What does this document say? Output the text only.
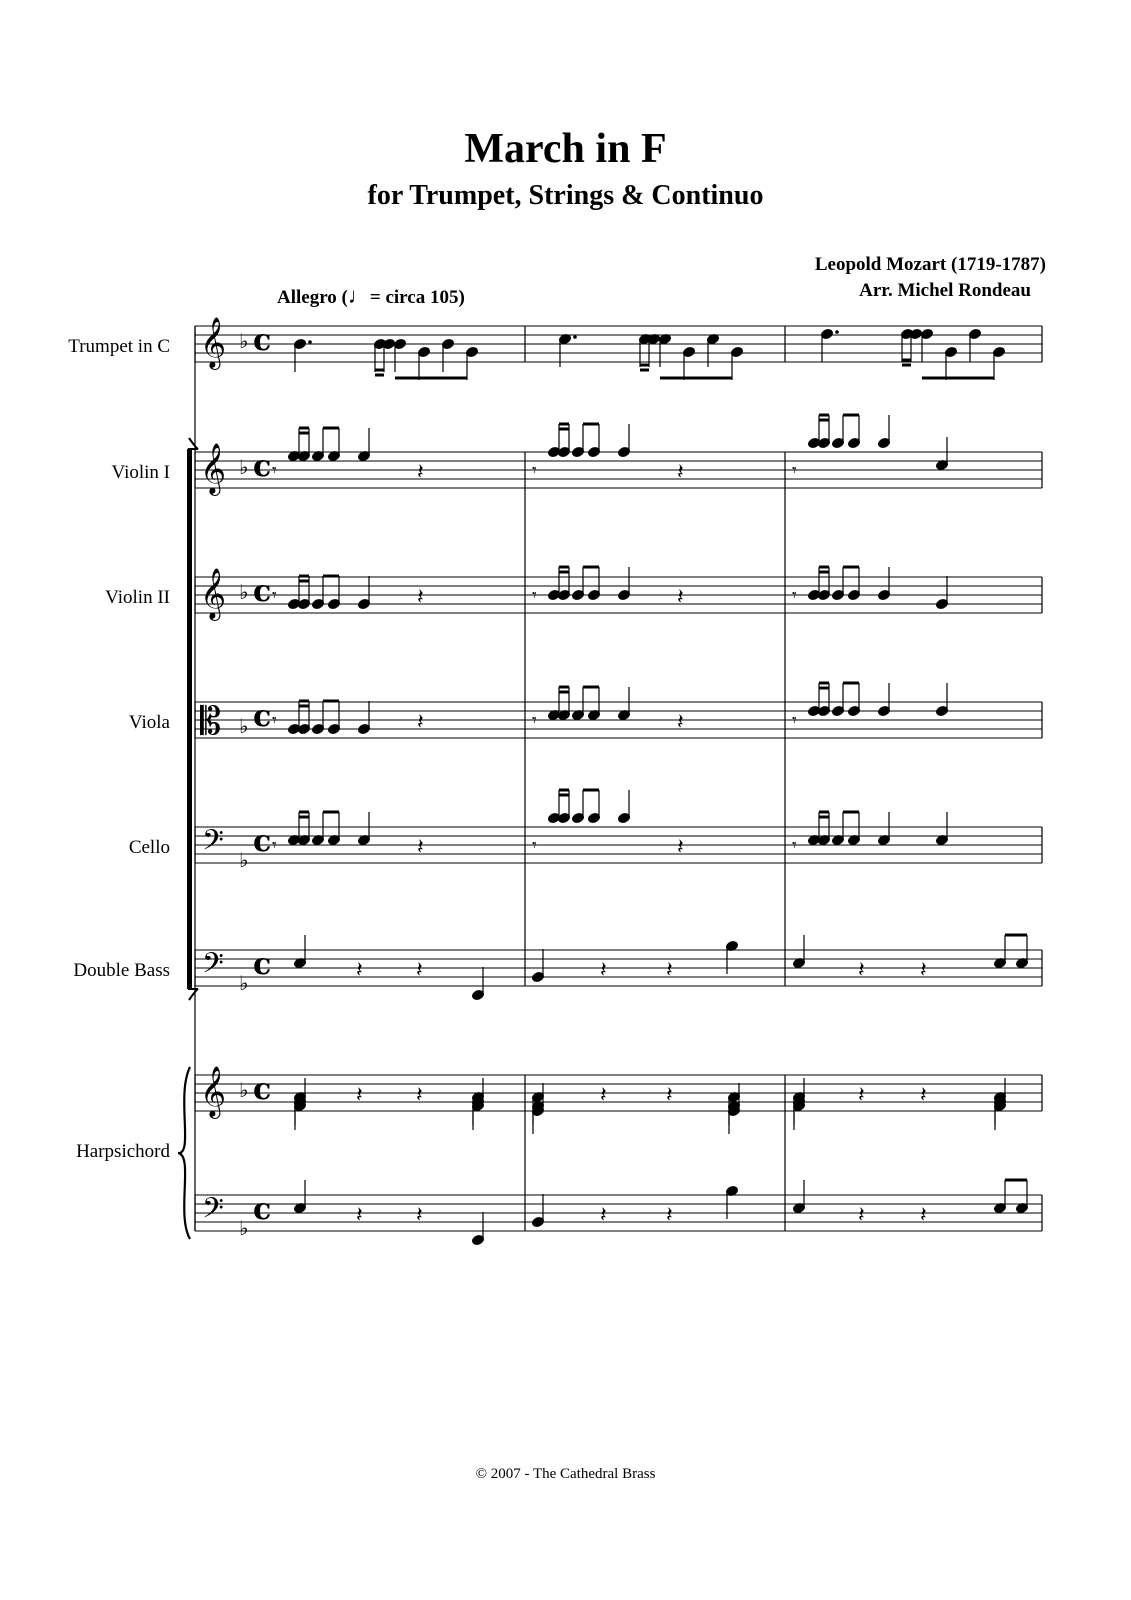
March in F
for Trumpet, Strings & Continuo
Leopold Mozart (1719-1787)
Arr. Michel Rondeau
Allegro (♩= circa 105)
Trumpet in C
Violin I
Violin II
Viola
Cello
Double Bass
Harpsichord
𝄞 ♭ c
𝄞 ♭ c
𝄞 ♭ c
𝄡 ♭ c
𝄢 ♭
c
𝄢 ♭
c
𝄞 ♭ c
𝄢 ♭
c
𝄾	𝄽	𝄾	𝄽	𝄾
𝄾	𝄽	𝄾	𝄽	𝄾
𝄾	𝄽	𝄾	𝄽	𝄾
𝄾	𝄽	𝄾	𝄽	𝄾
𝄽 𝄽	𝄽	𝄽	𝄽	𝄽
𝄽 𝄽	𝄽	𝄽	𝄽	𝄽
𝄽 𝄽	𝄽	𝄽	𝄽	𝄽
© 2007 - The Cathedral Brass
